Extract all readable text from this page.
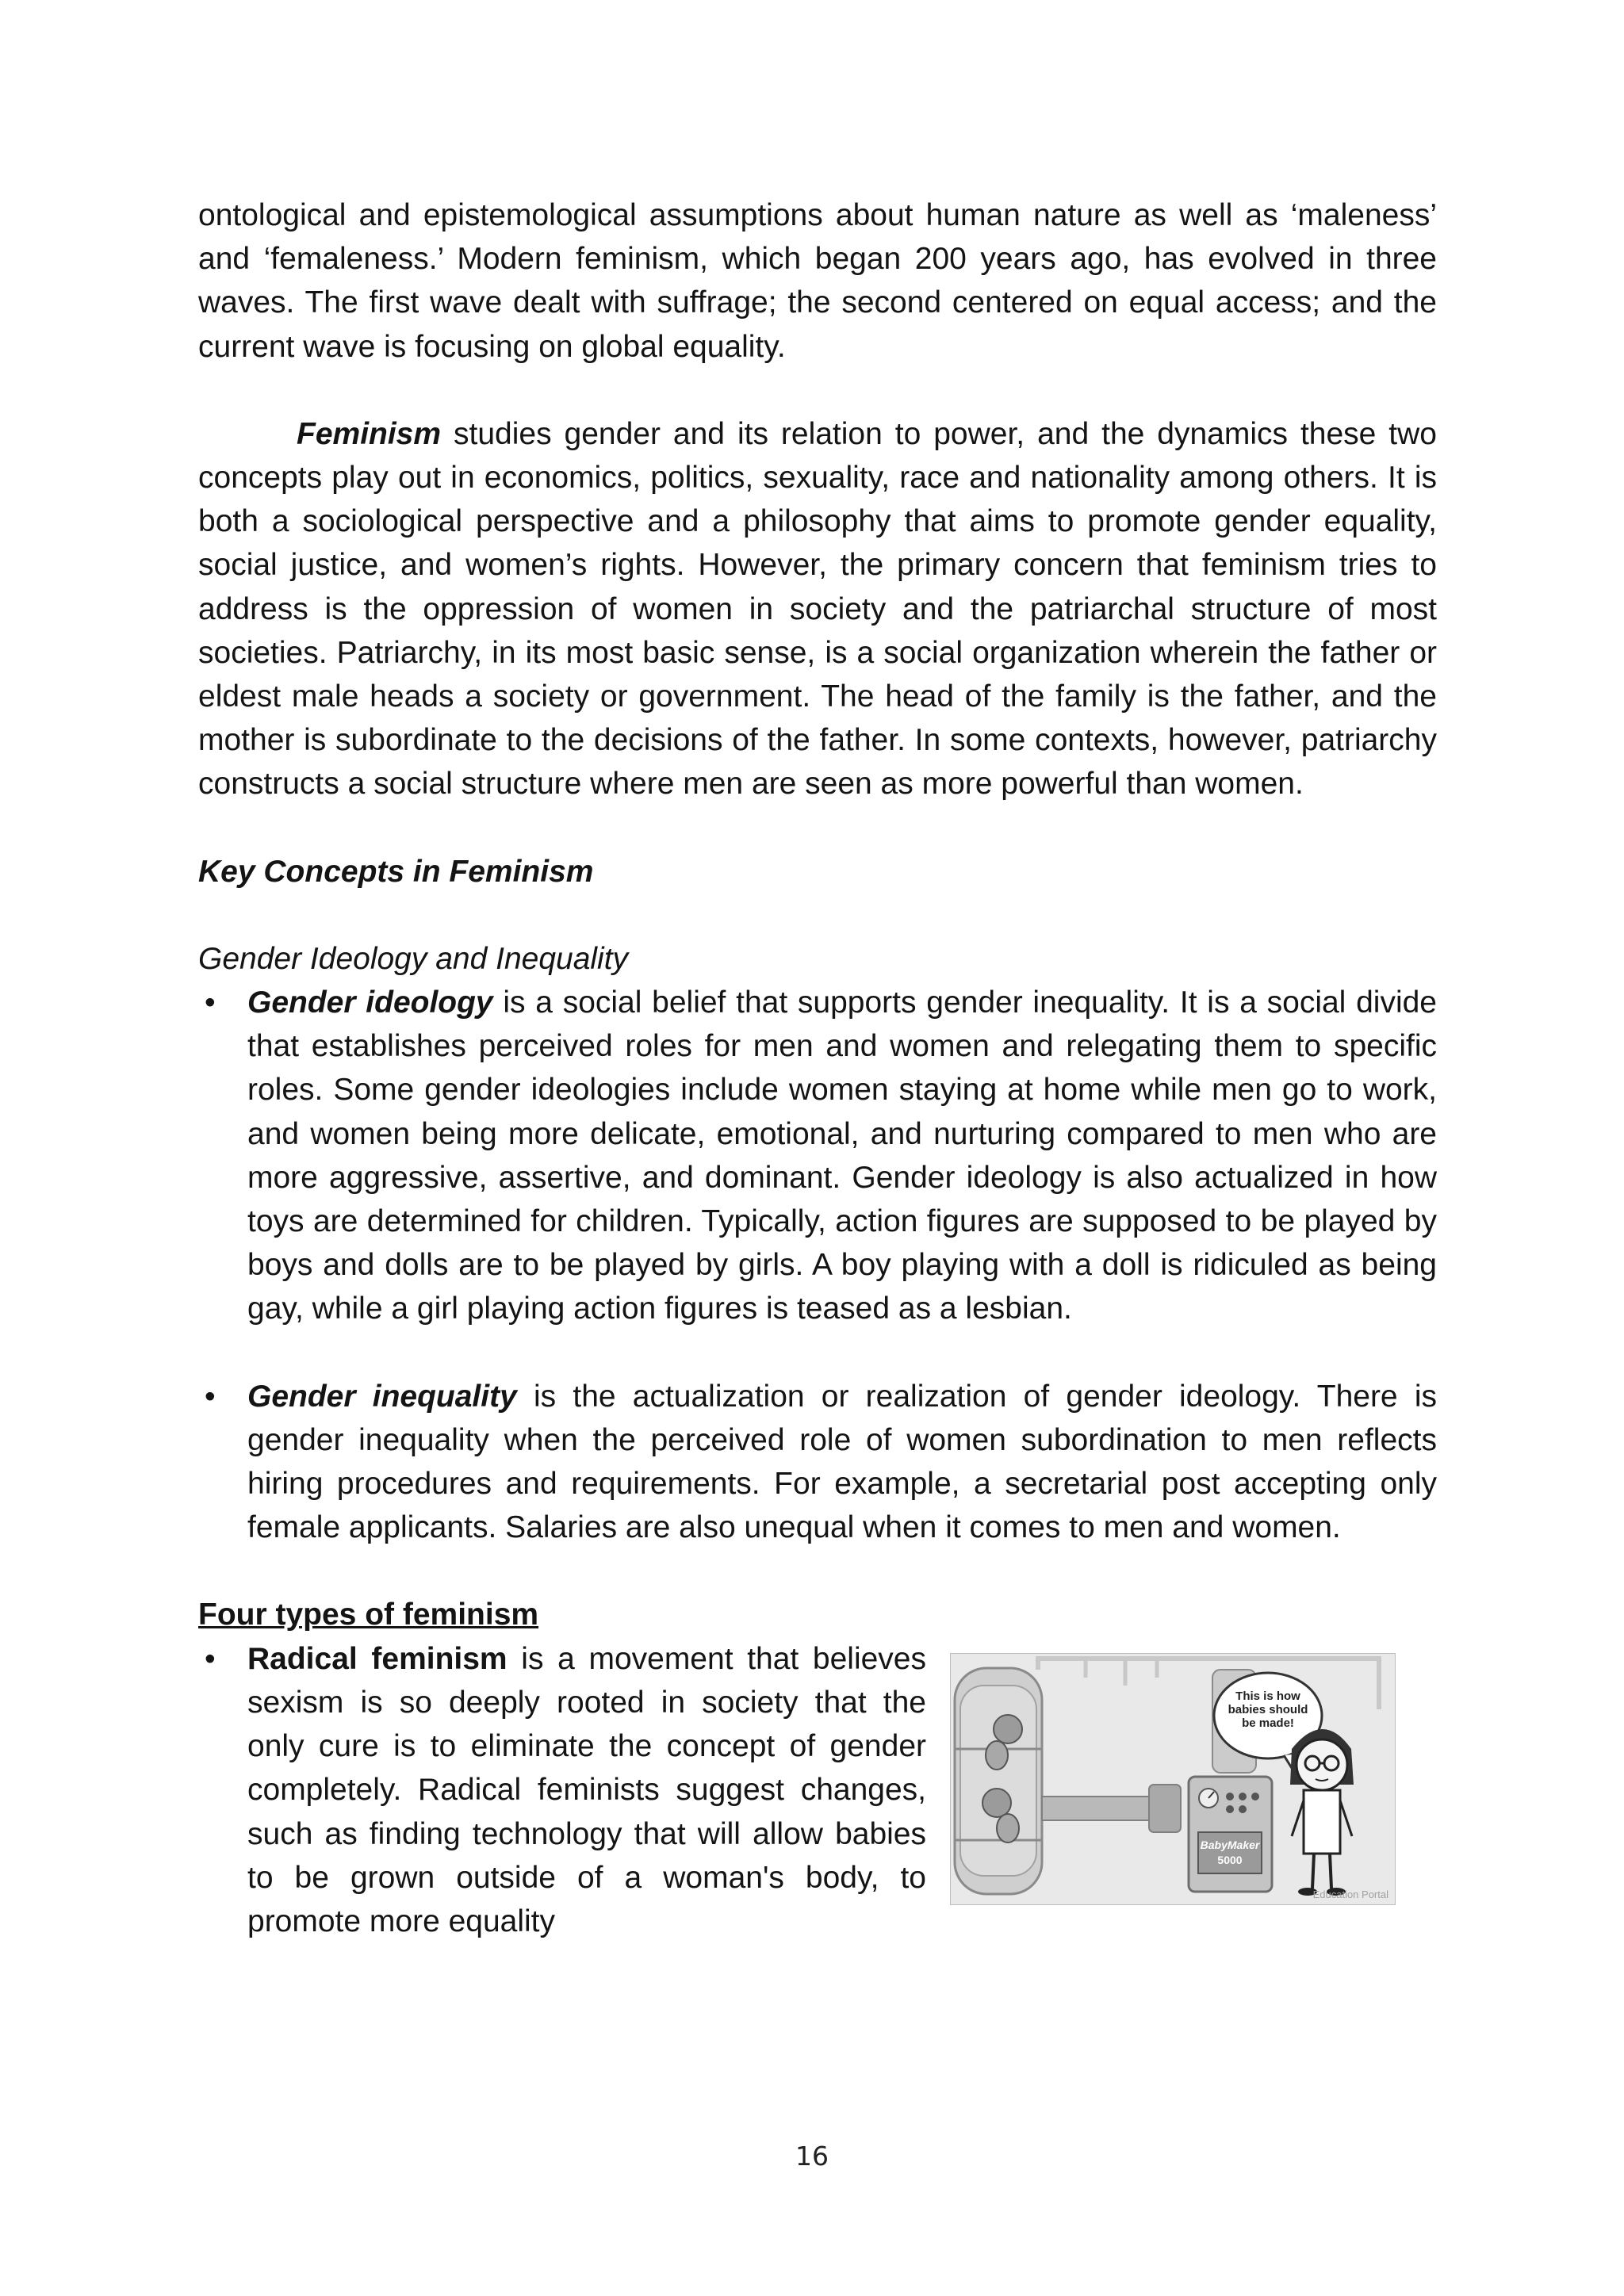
ontological and epistemological assumptions about human nature as well as ‘maleness’ and ‘femaleness.’ Modern feminism, which began 200 years ago, has evolved in three waves. The first wave dealt with suffrage; the second centered on equal access; and the current wave is focusing on global equality.

Feminism studies gender and its relation to power, and the dynamics these two concepts play out in economics, politics, sexuality, race and nationality among others. It is both a sociological perspective and a philosophy that aims to promote gender equality, social justice, and women’s rights. However, the primary concern that feminism tries to address is the oppression of women in society and the patriarchal structure of most societies. Patriarchy, in its most basic sense, is a social organization wherein the father or eldest male heads a society or government. The head of the family is the father, and the mother is subordinate to the decisions of the father. In some contexts, however, patriarchy constructs a social structure where men are seen as more powerful than women.

Key Concepts in Feminism

Gender Ideology and Inequality

• Gender ideology is a social belief that supports gender inequality. It is a social divide that establishes perceived roles for men and women and relegating them to specific roles. Some gender ideologies include women staying at home while men go to work, and women being more delicate, emotional, and nurturing compared to men who are more aggressive, assertive, and dominant. Gender ideology is also actualized in how toys are determined for children. Typically, action figures are supposed to be played by boys and dolls are to be played by girls. A boy playing with a doll is ridiculed as being gay, while a girl playing action figures is teased as a lesbian.

• Gender inequality is the actualization or realization of gender ideology. There is gender inequality when the perceived role of women subordination to men reflects hiring procedures and requirements. For example, a secretarial post accepting only female applicants. Salaries are also unequal when it comes to men and women.

Four types of feminism

• Radical feminism is a movement that believes sexism is so deeply rooted in society that the only cure is to eliminate the concept of gender completely. Radical feminists suggest changes, such as finding technology that will allow babies to be grown outside of a woman's body, to promote more equality

BabyMaker
5000
This is how babies should be made!
Education Portal
16
